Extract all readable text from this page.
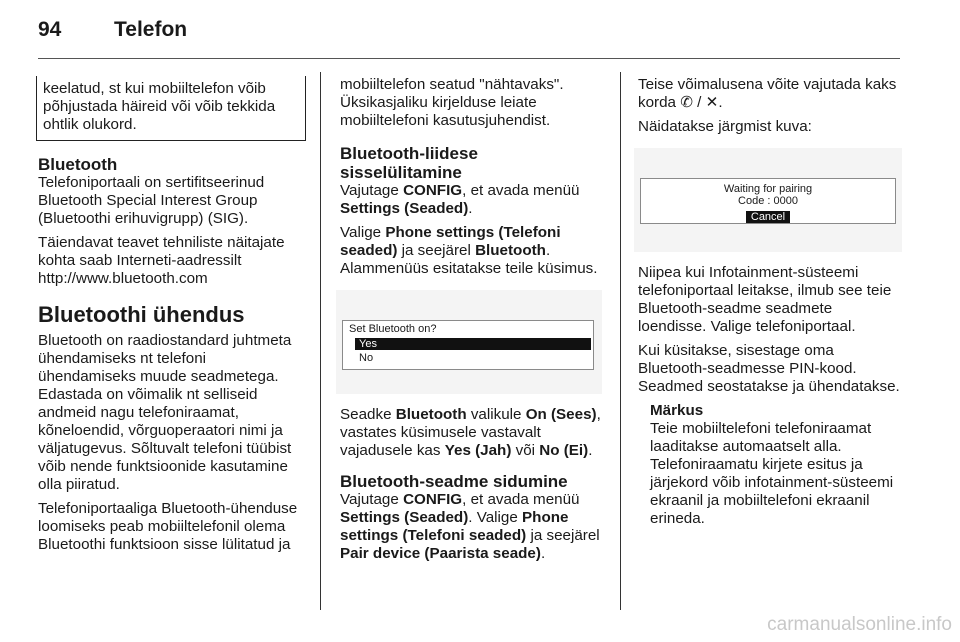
94	Telefon

keelatud, st kui mobiiltelefon võib põhjustada häireid või võib tekkida ohtlik olukord.

Bluetooth

Telefoniportaali on sertifitseerinud Bluetooth Special Interest Group (Bluetoothi erihuvigrupp) (SIG).

Täiendavat teavet tehniliste näitajate kohta saab Interneti-aadressilt http://www.bluetooth.com

Bluetoothi ühendus

Bluetooth on raadiostandard juhtmeta ühendamiseks nt telefoni ühendamiseks muude seadmetega. Edastada on võimalik nt selliseid andmeid nagu telefoniraamat, kõneloendid, võrguoperaatori nimi ja väljatugevus. Sõltuvalt telefoni tüübist võib nende funktsioonide kasutamine olla piiratud.

Telefoniportaaliga Bluetooth-ühenduse loomiseks peab mobiiltelefonil olema Bluetoothi funktsioon sisse lülitatud ja

mobiiltelefon seatud "nähtavaks". Üksikasjaliku kirjelduse leiate mobiiltelefoni kasutusjuhendist.

Bluetooth-liidese sisselülitamine

Vajutage CONFIG, et avada menüü Settings (Seaded).

Valige Phone settings (Telefoni seaded) ja seejärel Bluetooth.

Alammenüüs esitatakse teile küsimus.

Set Bluetooth on?
Yes
No

Seadke Bluetooth valikule On (Sees), vastates küsimusele vastavalt vajadusele kas Yes (Jah) või No (Ei).

Bluetooth-seadme sidumine

Vajutage CONFIG, et avada menüü Settings (Seaded). Valige Phone settings (Telefoni seaded) ja seejärel Pair device (Paarista seade).

Teise võimalusena võite vajutada kaks korda ✆ / ✕.

Näidatakse järgmist kuva:

Waiting for pairing
Code : 0000
Cancel

Niipea kui Infotainment-süsteemi telefoniportaal leitakse, ilmub see teie Bluetooth-seadme seadmete loendisse. Valige telefoniportaal.

Kui küsitakse, sisestage oma Bluetooth-seadmesse PIN-kood. Seadmed seostatakse ja ühendatakse.

Märkus
Teie mobiiltelefoni telefoniraamat laaditakse automaatselt alla. Telefoniraamatu kirjete esitus ja järjekord võib infotainment-süsteemi ekraanil ja mobiiltelefoni ekraanil erineda.
carmanualsonline.info
